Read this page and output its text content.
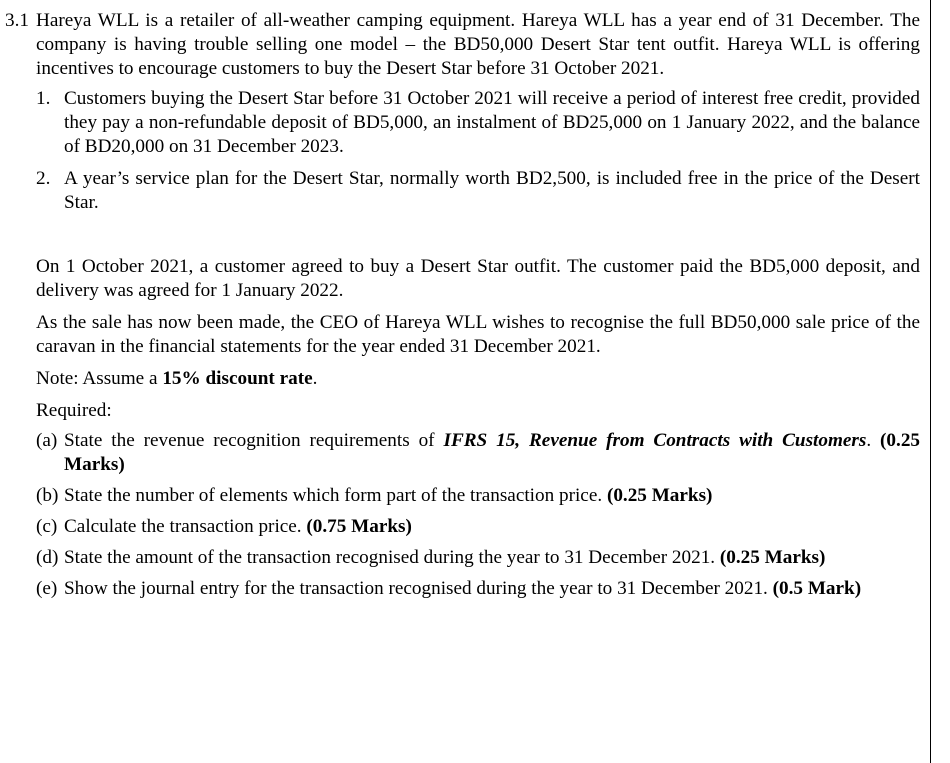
3.1 Hareya WLL is a retailer of all-weather camping equipment. Hareya WLL has a year end of 31 December. The company is having trouble selling one model – the BD50,000 Desert Star tent outfit. Hareya WLL is offering incentives to encourage customers to buy the Desert Star before 31 October 2021.
1. Customers buying the Desert Star before 31 October 2021 will receive a period of interest free credit, provided they pay a non-refundable deposit of BD5,000, an instalment of BD25,000 on 1 January 2022, and the balance of BD20,000 on 31 December 2023.
2. A year’s service plan for the Desert Star, normally worth BD2,500, is included free in the price of the Desert Star.

On 1 October 2021, a customer agreed to buy a Desert Star outfit. The customer paid the BD5,000 deposit, and delivery was agreed for 1 January 2022.

As the sale has now been made, the CEO of Hareya WLL wishes to recognise the full BD50,000 sale price of the caravan in the financial statements for the year ended 31 December 2021.

Note: Assume a 15% discount rate.

Required:

(a) State the revenue recognition requirements of IFRS 15, Revenue from Contracts with Customers. (0.25 Marks)
(b) State the number of elements which form part of the transaction price. (0.25 Marks)
(c) Calculate the transaction price. (0.75 Marks)
(d) State the amount of the transaction recognised during the year to 31 December 2021. (0.25 Marks)
(e) Show the journal entry for the transaction recognised during the year to 31 December 2021. (0.5 Mark)
